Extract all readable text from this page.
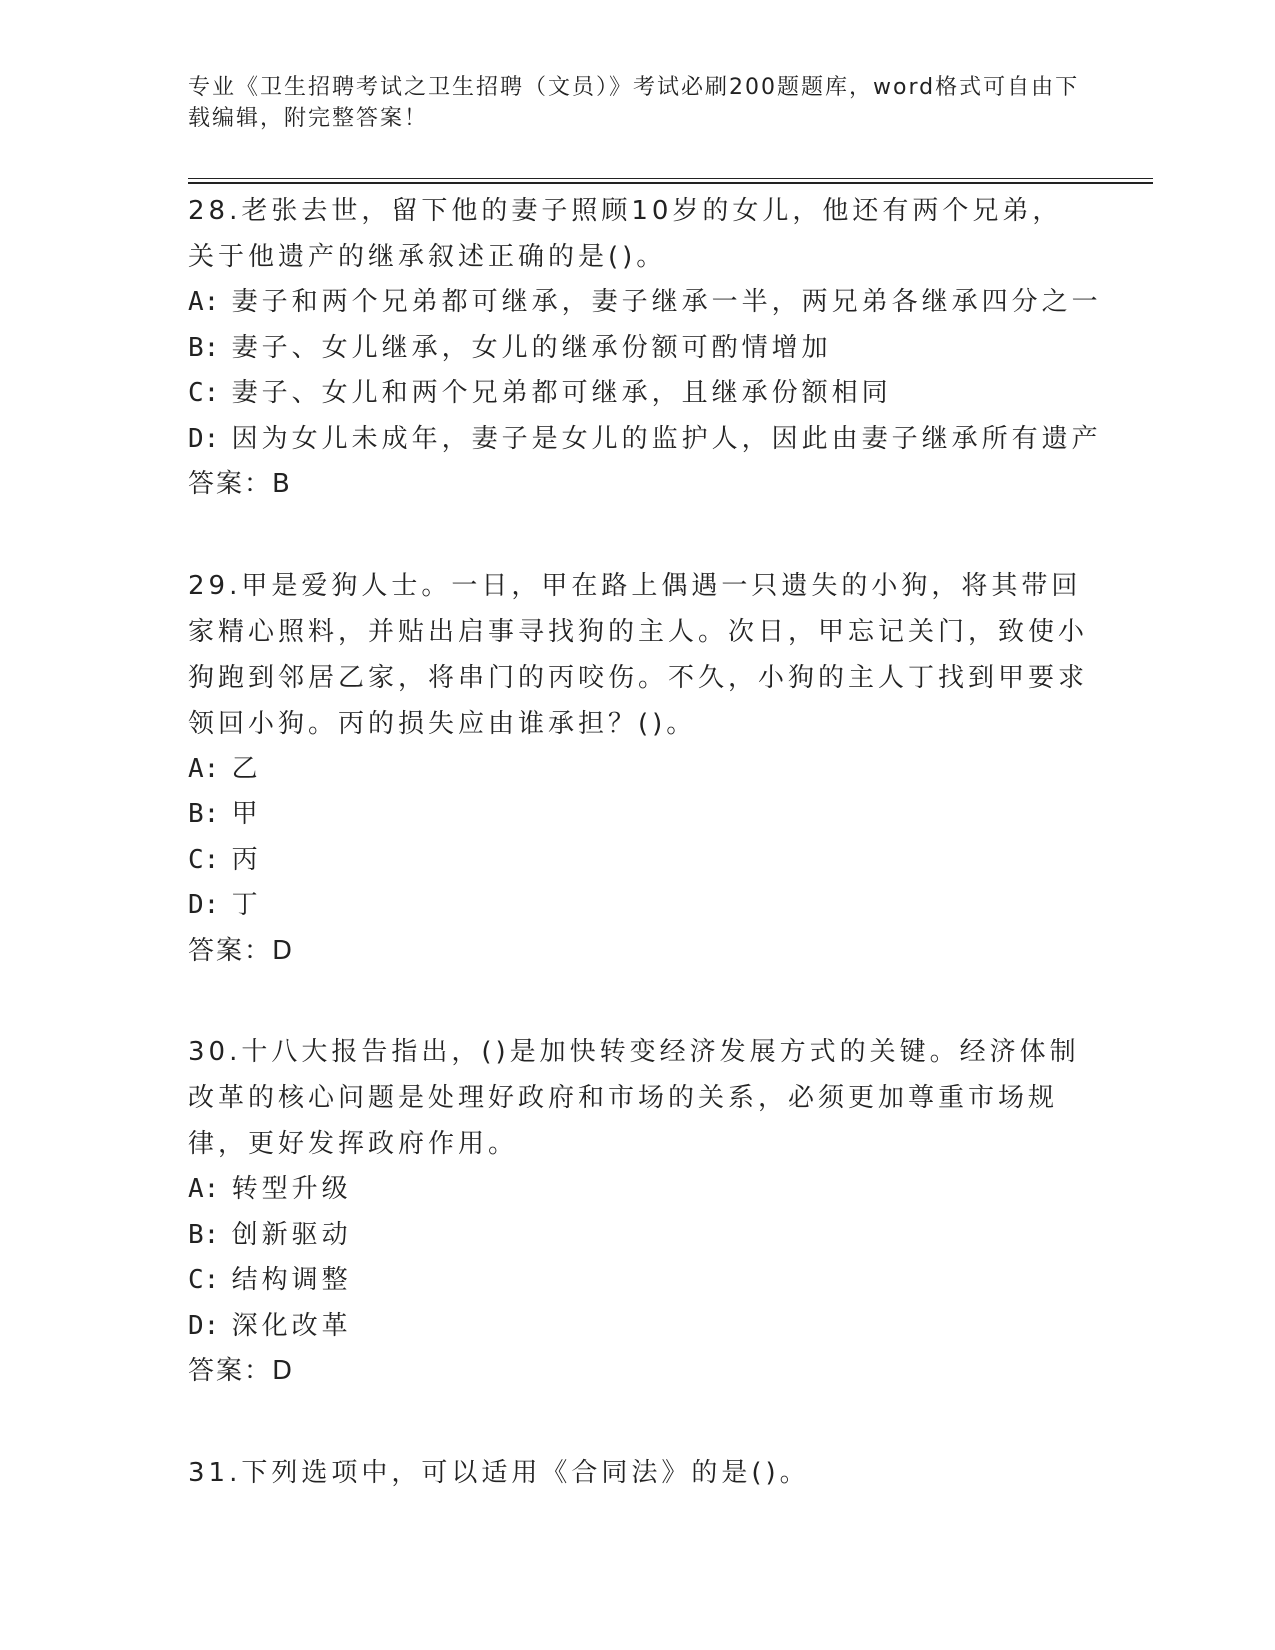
专业《卫生招聘考试之卫生招聘（文员）》考试必刷200题题库，word格式可自由下载编辑，附完整答案！

28.老张去世，留下他的妻子照顾10岁的女儿，他还有两个兄弟，关于他遗产的继承叙述正确的是()。

A: 妻子和两个兄弟都可继承，妻子继承一半，两兄弟各继承四分之一
B: 妻子、女儿继承，女儿的继承份额可酌情增加
C: 妻子、女儿和两个兄弟都可继承，且继承份额相同
D: 因为女儿未成年，妻子是女儿的监护人，因此由妻子继承所有遗产
答案：B

29.甲是爱狗人士。一日，甲在路上偶遇一只遗失的小狗，将其带回家精心照料，并贴出启事寻找狗的主人。次日，甲忘记关门，致使小狗跑到邻居乙家，将串门的丙咬伤。不久，小狗的主人丁找到甲要求领回小狗。丙的损失应由谁承担？()。

A: 乙
B: 甲
C: 丙
D: 丁
答案：D

30.十八大报告指出，()是加快转变经济发展方式的关键。经济体制改革的核心问题是处理好政府和市场的关系，必须更加尊重市场规律，更好发挥政府作用。

A: 转型升级
B: 创新驱动
C: 结构调整
D: 深化改革
答案：D

31.下列选项中，可以适用《合同法》的是()。
